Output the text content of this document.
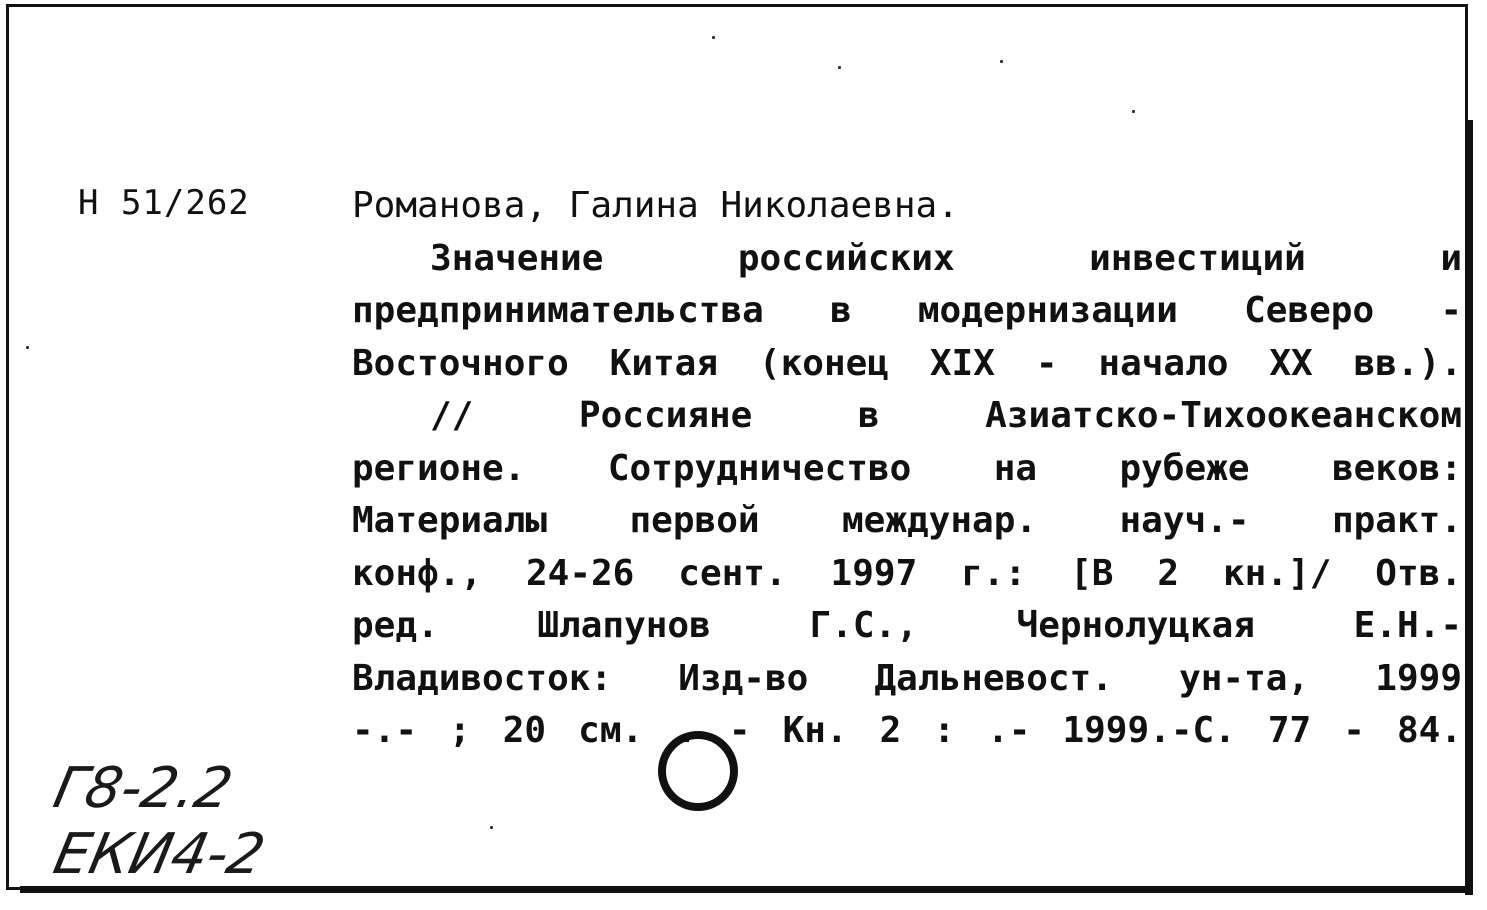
Н 51/262	Романова, Галина Николаевна.
Значение российских инвестиций и
предпринимательства в модернизации Северо -
Восточного Китая (конец XIX - начало XX вв.).
// Россияне в Азиатско-Тихоокеанском
регионе. Сотрудничество на рубеже веков:
Материалы первой междунар. науч.- практ.
конф., 24-26 сент. 1997 г.: [В 2 кн.]/ Отв.
ред. Шлапунов Г.С., Чернолуцкая Е.Н.-
Владивосток: Изд-во Дальневост. ун-та, 1999
-.- ; 20 см. . - Кн. 2 : .- 1999.-С. 77 - 84.
Г8-2.2
ЕКИ4-2
